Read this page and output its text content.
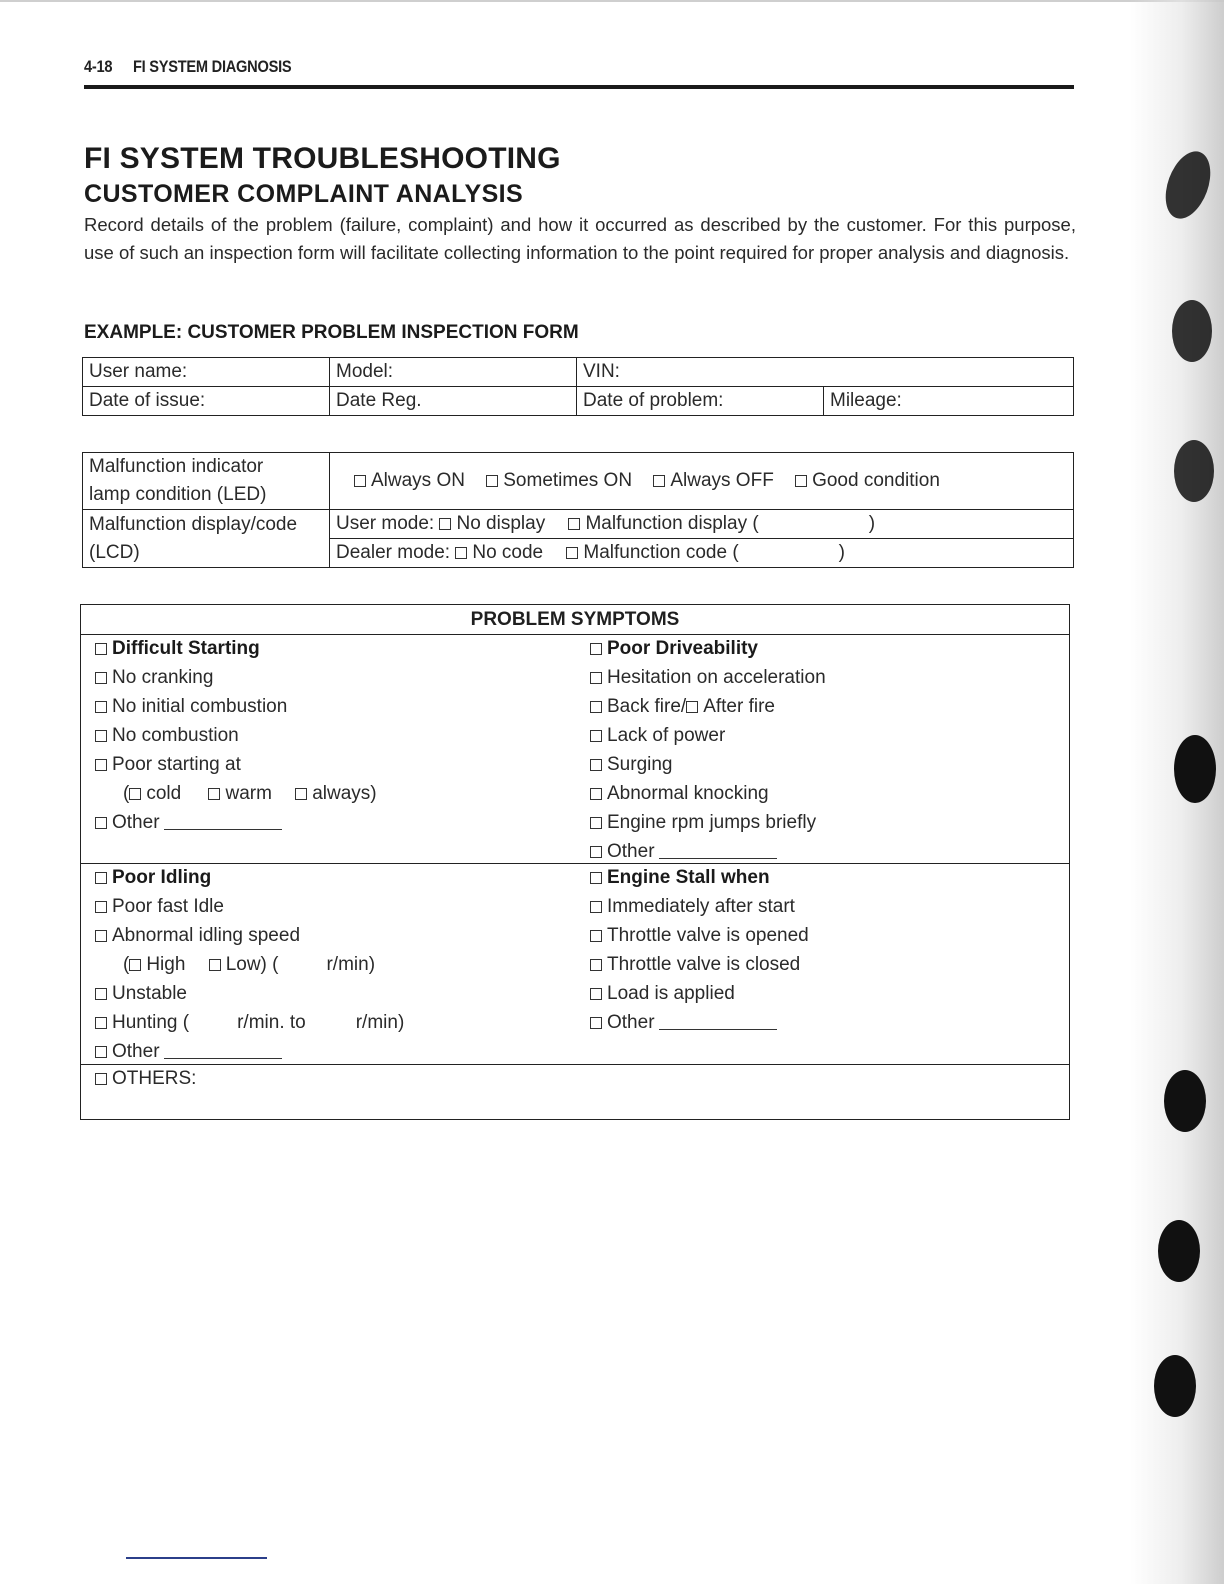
4-18 FI SYSTEM DIAGNOSIS
FI SYSTEM TROUBLESHOOTING
CUSTOMER COMPLAINT ANALYSIS
Record details of the problem (failure, complaint) and how it occurred as described by the customer. For this purpose, use of such an inspection form will facilitate collecting information to the point required for proper analysis and diagnosis.
EXAMPLE: CUSTOMER PROBLEM INSPECTION FORM
User name:	Model:	VIN:	
Date of issue:	Date Reg.	Date of problem:	Mileage:
Malfunction indicator
lamp condition (LED)	Always ON Sometimes ON Always OFF Good condition

Malfunction display/code
(LCD)	User mode: No display Malfunction display ( )
	Dealer mode: No code Malfunction code ( )
PROBLEM SYMPTOMS
Difficult Starting
No cranking
No initial combustion
No combustion
Poor starting at
( cold warm always)
Other
Poor Driveability
Hesitation on acceleration
Back fire/ After fire
Lack of power
Surging
Abnormal knocking
Engine rpm jumps briefly
Other
Poor Idling
Poor fast Idle
Abnormal idling speed
( High Low) (	r/min)
Unstable
Hunting (	r/min. to	r/min)
Other
Engine Stall when
Immediately after start
Throttle valve is opened
Throttle valve is closed
Load is applied
Other
OTHERS:
